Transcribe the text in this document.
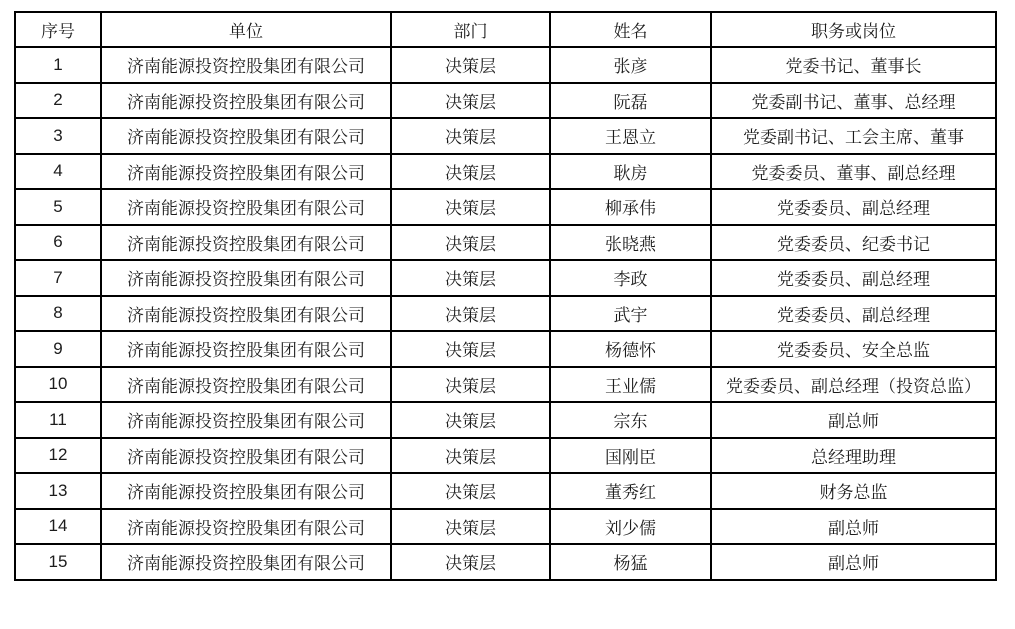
序号	单位	部门	姓名	职务或岗位
1	济南能源投资控股集团有限公司	决策层	张彦	党委书记、董事长
2	济南能源投资控股集团有限公司	决策层	阮磊	党委副书记、董事、总经理
3	济南能源投资控股集团有限公司	决策层	王恩立	党委副书记、工会主席、董事
4	济南能源投资控股集团有限公司	决策层	耿房	党委委员、董事、副总经理
5	济南能源投资控股集团有限公司	决策层	柳承伟	党委委员、副总经理
6	济南能源投资控股集团有限公司	决策层	张晓燕	党委委员、纪委书记
7	济南能源投资控股集团有限公司	决策层	李政	党委委员、副总经理
8	济南能源投资控股集团有限公司	决策层	武宇	党委委员、副总经理
9	济南能源投资控股集团有限公司	决策层	杨德怀	党委委员、安全总监
10	济南能源投资控股集团有限公司	决策层	王业儒	党委委员、副总经理（投资总监）
11	济南能源投资控股集团有限公司	决策层	宗东	副总师
12	济南能源投资控股集团有限公司	决策层	国刚臣	总经理助理
13	济南能源投资控股集团有限公司	决策层	董秀红	财务总监
14	济南能源投资控股集团有限公司	决策层	刘少儒	副总师
15	济南能源投资控股集团有限公司	决策层	杨猛	副总师
